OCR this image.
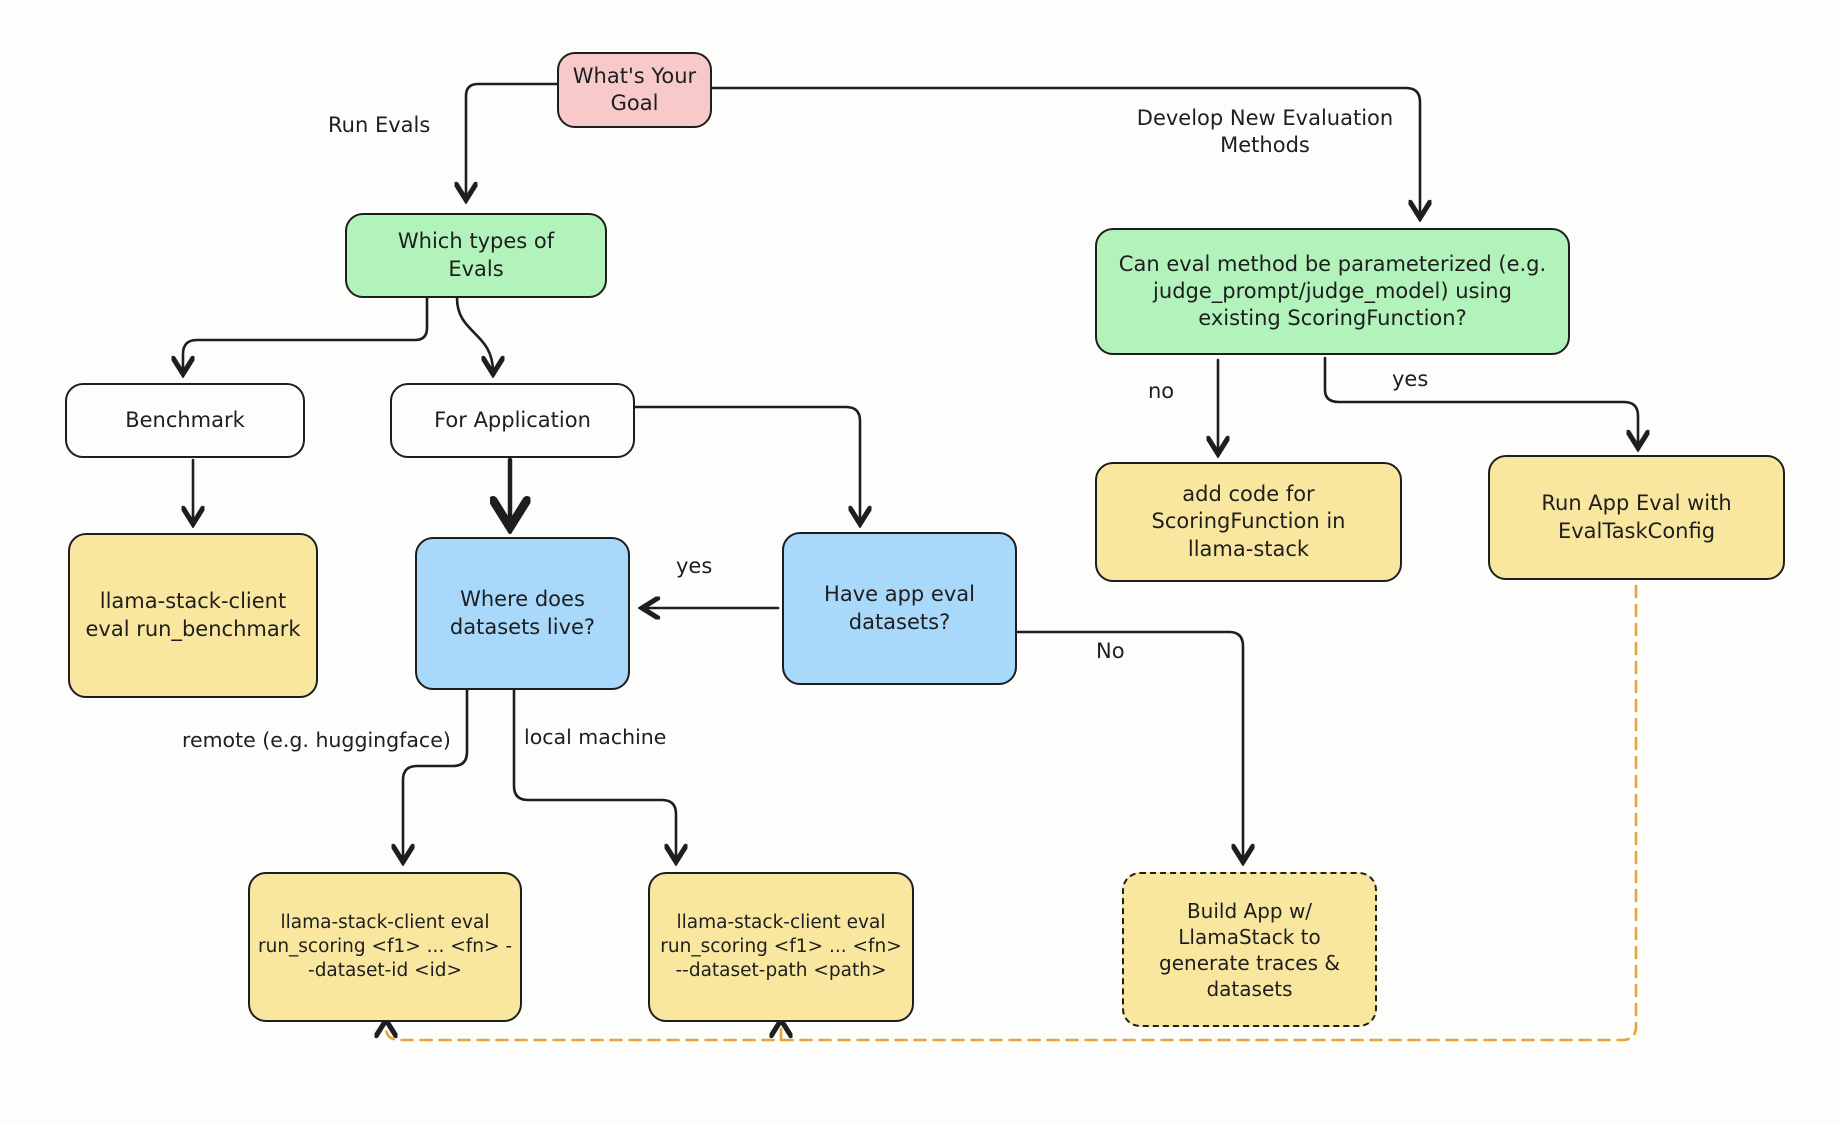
What's Your Goal
Which types of Evals	Can eval method be parameterized (e.g. judge_prompt/judge_model) using existing ScoringFunction?
Benchmark	For Application
llama-stack-client eval run_benchmark
Where does datasets live?
Have app eval datasets?
add code for ScoringFunction in llama-stack
Run App Eval with EvalTaskConfig
llama-stack-client eval run_scoring <f1> ... <fn> --dataset-id <id>
llama-stack-client eval run_scoring <f1> ... <fn> --dataset-path <path>
Build App w/ LlamaStack to generate traces & datasets
Run Evals	Develop New Evaluation Methods
yes
No
no	yes
remote (e.g. huggingface)	local machine
